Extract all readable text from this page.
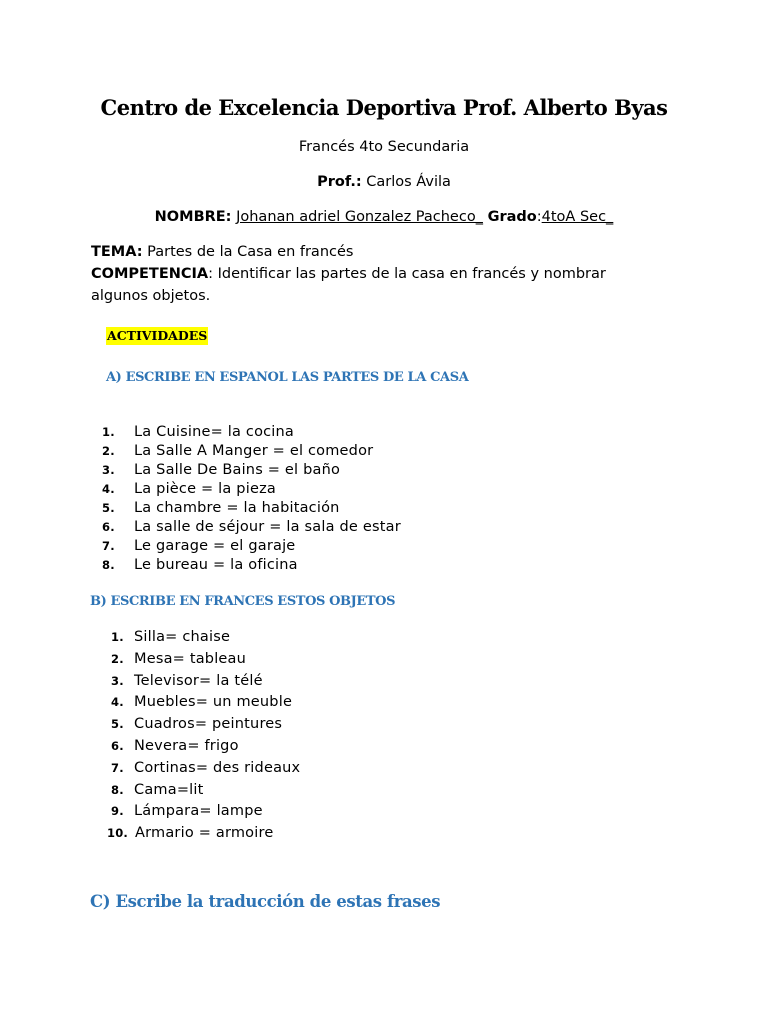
Centro de Excelencia Deportiva Prof. Alberto Byas

Francés 4to Secundaria

Prof.: Carlos Ávila

NOMBRE: Johanan adriel Gonzalez Pacheco_ Grado:4toA Sec_

TEMA: Partes de la Casa en francés

COMPETENCIA: Identificar las partes de la casa en francés y nombrar algunos objetos.

ACTIVIDADES
A) ESCRIBE EN ESPANOL LAS PARTES DE LA CASA
1.	La Cuisine= la cocina
2.	La Salle A Manger = el comedor
3.	La Salle De Bains = el baño
4.	La pièce = la pieza
5.	La chambre = la habitación
6.	La salle de séjour = la sala de estar
7.	Le garage = el garaje
8.	Le bureau = la oficina
B) ESCRIBE EN FRANCES ESTOS OBJETOS
1. Silla= chaise
2. Mesa= tableau
3. Televisor= la télé
4. Muebles= un meuble
5. Cuadros= peintures
6. Nevera= frigo
7. Cortinas= des rideaux
8. Cama=lit
9. Lámpara= lampe
10. Armario = armoire
C) Escribe la traducción de estas frases
